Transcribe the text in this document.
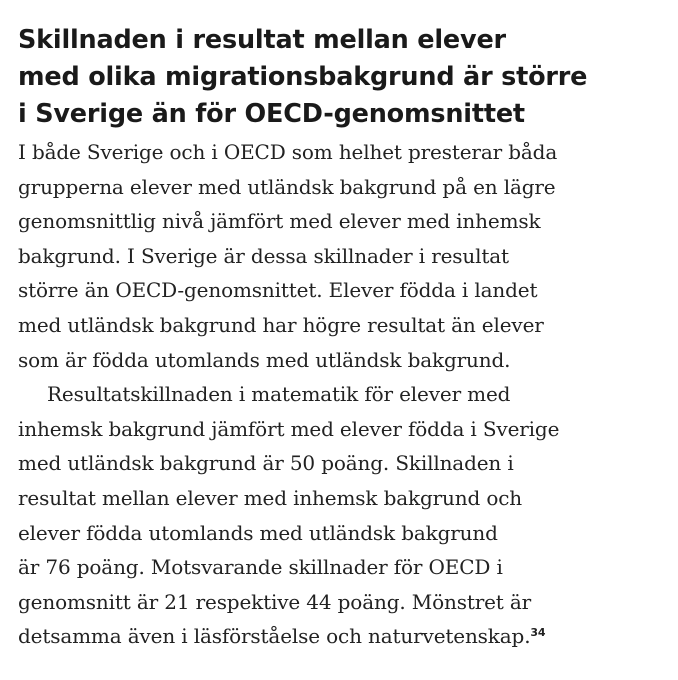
Skillnaden i resultat mellan elever
med olika migrationsbakgrund är större
i Sverige än för OECD-genomsnittet

I både Sverige och i OECD som helhet presterar båda
grupperna elever med utländsk bakgrund på en lägre
genomsnittlig nivå jämfört med elever med inhemsk
bakgrund. I Sverige är dessa skillnader i resultat
större än OECD-genomsnittet. Elever födda i landet
med utländsk bakgrund har högre resultat än elever
som är födda utomlands med utländsk bakgrund.

Resultatskillnaden i matematik för elever med
inhemsk bakgrund jämfört med elever födda i Sverige
med utländsk bakgrund är 50 poäng. Skillnaden i
resultat mellan elever med inhemsk bakgrund och
elever födda utomlands med utländsk bakgrund
är 76 poäng. Motsvarande skillnader för OECD i
genomsnitt är 21 respektive 44 poäng. Mönstret är
detsamma även i läsförståelse och naturvetenskap.$^{34}$
